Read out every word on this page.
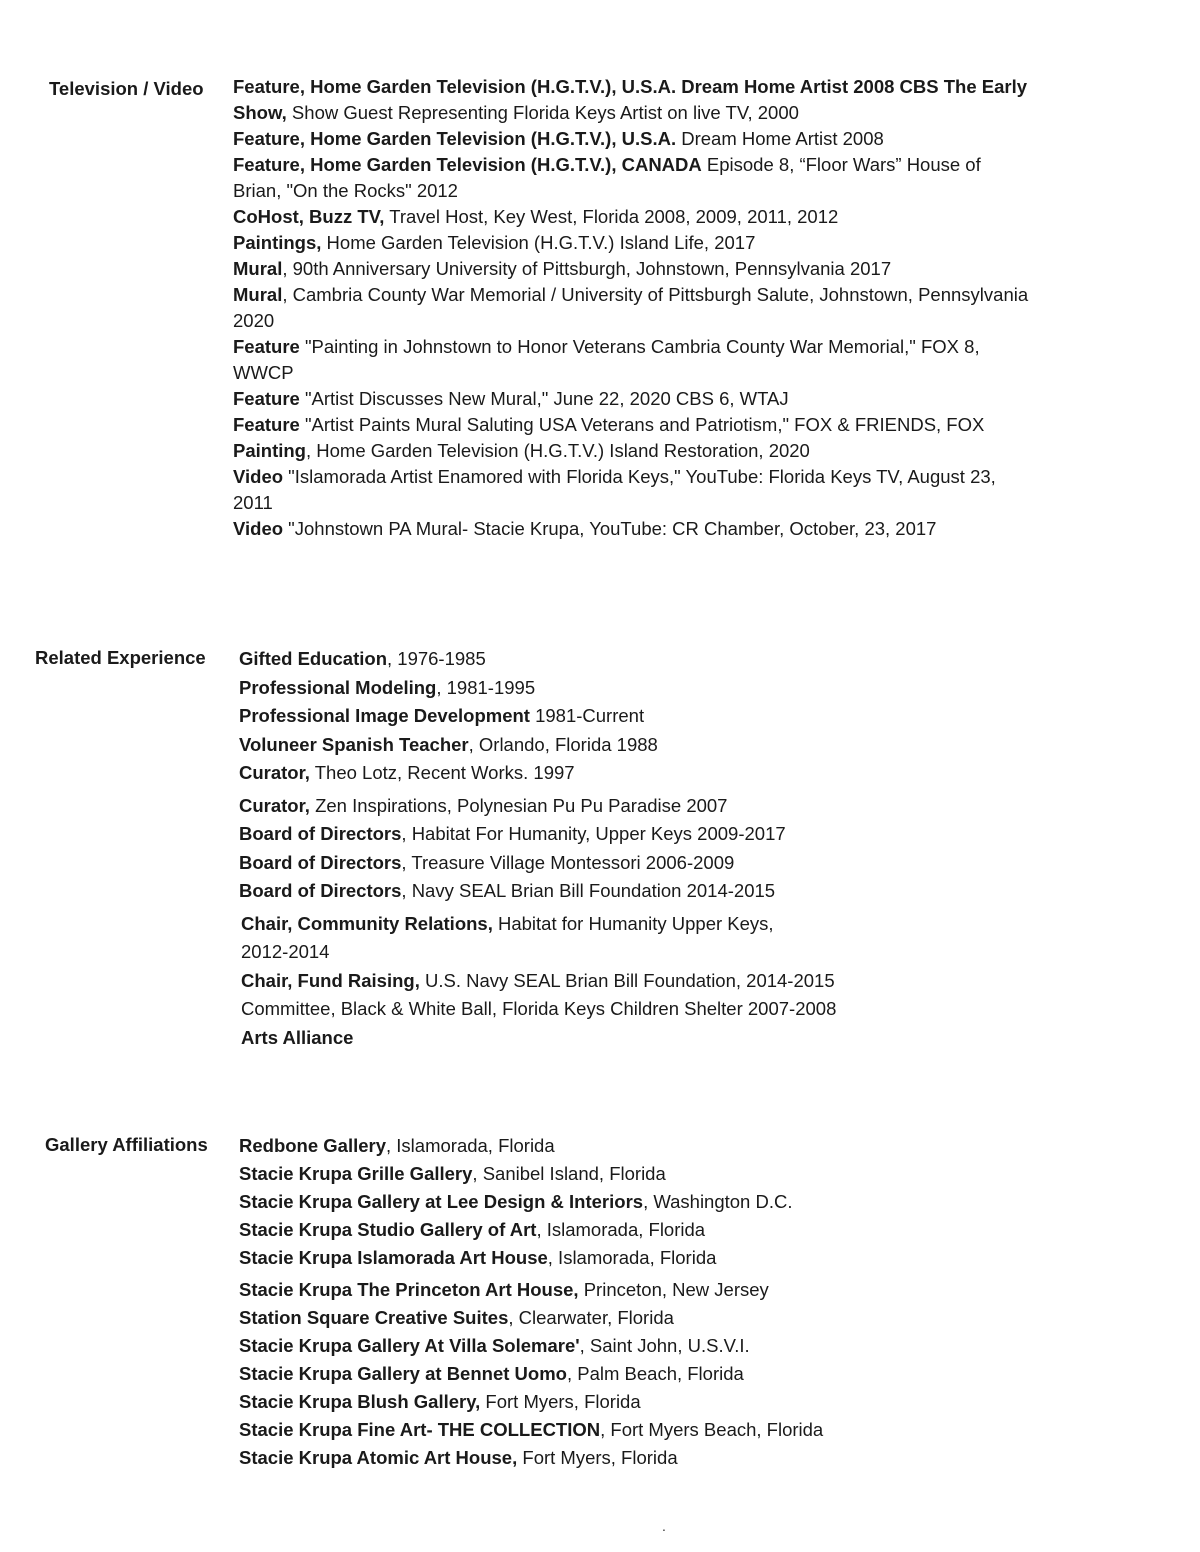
Television / Video Feature, Home Garden Television (H.G.T.V.), U.S.A. Dream Home Artist 2008 CBS The Early Show, Show Guest Representing Florida Keys Artist on live TV, 2000

Feature, Home Garden Television (H.G.T.V.), U.S.A. Dream Home Artist 2008

Feature, Home Garden Television (H.G.T.V.), CANADA Episode 8, “Floor Wars” House of Brian, "On the Rocks" 2012

CoHost, Buzz TV, Travel Host, Key West, Florida 2008, 2009, 2011, 2012

Paintings, Home Garden Television (H.G.T.V.) Island Life, 2017

Mural, 90th Anniversary University of Pittsburgh, Johnstown, Pennsylvania 2017

Mural, Cambria County War Memorial / University of Pittsburgh Salute, Johnstown, Pennsylvania 2020

Feature "Painting in Johnstown to Honor Veterans Cambria County War Memorial," FOX 8, WWCP

Feature "Artist Discusses New Mural," June 22, 2020 CBS 6, WTAJ

Feature "Artist Paints Mural Saluting USA Veterans and Patriotism," FOX & FRIENDS, FOX

Painting, Home Garden Television (H.G.T.V.) Island Restoration, 2020

Video "Islamorada Artist Enamored with Florida Keys," YouTube: Florida Keys TV, August 23, 2011

Video "Johnstown PA Mural- Stacie Krupa, YouTube: CR Chamber, October, 23, 2017

Related Experience Gifted Education, 1976-1985

Professional Modeling, 1981-1995

Professional Image Development 1981-Current

Voluneer Spanish Teacher, Orlando, Florida 1988

Curator, Theo Lotz, Recent Works. 1997

Curator, Zen Inspirations, Polynesian Pu Pu Paradise 2007

Board of Directors, Habitat For Humanity, Upper Keys 2009-2017

Board of Directors, Treasure Village Montessori 2006-2009

Board of Directors, Navy SEAL Brian Bill Foundation 2014-2015

Chair, Community Relations, Habitat for Humanity Upper Keys, 2012-2014

Chair, Fund Raising, U.S. Navy SEAL Brian Bill Foundation, 2014-2015

Committee, Black & White Ball, Florida Keys Children Shelter 2007-2008

Arts Alliance

Gallery Affiliations Redbone Gallery, Islamorada, Florida

Stacie Krupa Grille Gallery, Sanibel Island, Florida

Stacie Krupa Gallery at Lee Design & Interiors, Washington D.C.

Stacie Krupa Studio Gallery of Art, Islamorada, Florida

Stacie Krupa Islamorada Art House, Islamorada, Florida

Stacie Krupa The Princeton Art House, Princeton, New Jersey

Station Square Creative Suites, Clearwater, Florida

Stacie Krupa Gallery At Villa Solemare', Saint John, U.S.V.I.

Stacie Krupa Gallery at Bennet Uomo, Palm Beach, Florida

Stacie Krupa Blush Gallery, Fort Myers, Florida

Stacie Krupa Fine Art- THE COLLECTION, Fort Myers Beach, Florida

Stacie Krupa Atomic Art House, Fort Myers, Florida

.
